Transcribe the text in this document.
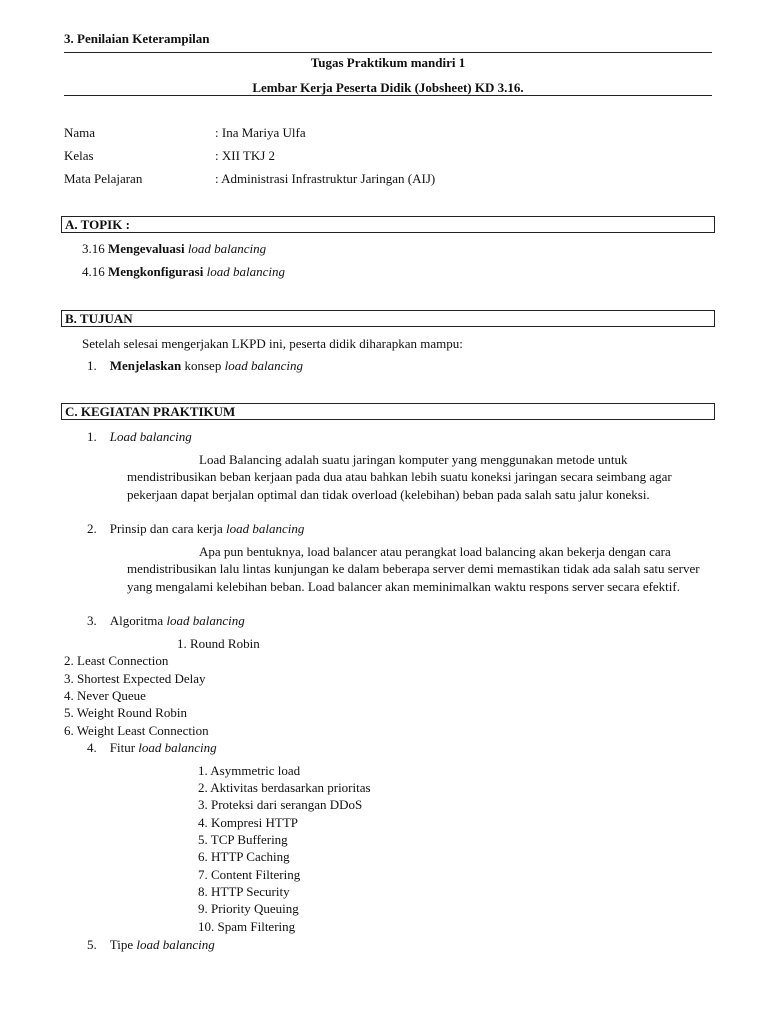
3. Penilaian Keterampilan
Tugas Praktikum mandiri 1
Lembar Kerja Peserta Didik (Jobsheet) KD 3.16.
Nama	: Ina Mariya Ulfa
Kelas	: XII TKJ 2
Mata Pelajaran	: Administrasi Infrastruktur Jaringan (AIJ)
A. TOPIK :
3.16 Mengevaluasi load balancing
4.16 Mengkonfigurasi load balancing
B. TUJUAN
Setelah selesai mengerjakan LKPD ini, peserta didik diharapkan mampu:
1. Menjelaskan konsep load balancing
C. KEGIATAN PRAKTIKUM
1. Load balancing
Load Balancing adalah suatu jaringan komputer yang menggunakan metode untuk mendistribusikan beban kerjaan pada dua atau bahkan lebih suatu koneksi jaringan secara seimbang agar pekerjaan dapat berjalan optimal dan tidak overload (kelebihan) beban pada salah satu jalur koneksi.
2. Prinsip dan cara kerja load balancing
Apa pun bentuknya, load balancer atau perangkat load balancing akan bekerja dengan cara mendistribusikan lalu lintas kunjungan ke dalam beberapa server demi memastikan tidak ada salah satu server yang mengalami kelebihan beban. Load balancer akan meminimalkan waktu respons server secara efektif.
3. Algoritma load balancing
1. Round Robin
2. Least Connection
3. Shortest Expected Delay
4. Never Queue
5. Weight Round Robin
6. Weight Least Connection
4. Fitur load balancing
1. Asymmetric load
2. Aktivitas berdasarkan prioritas
3. Proteksi dari serangan DDoS
4. Kompresi HTTP
5. TCP Buffering
6. HTTP Caching
7. Content Filtering
8. HTTP Security
9. Priority Queuing
10. Spam Filtering
5. Tipe load balancing
